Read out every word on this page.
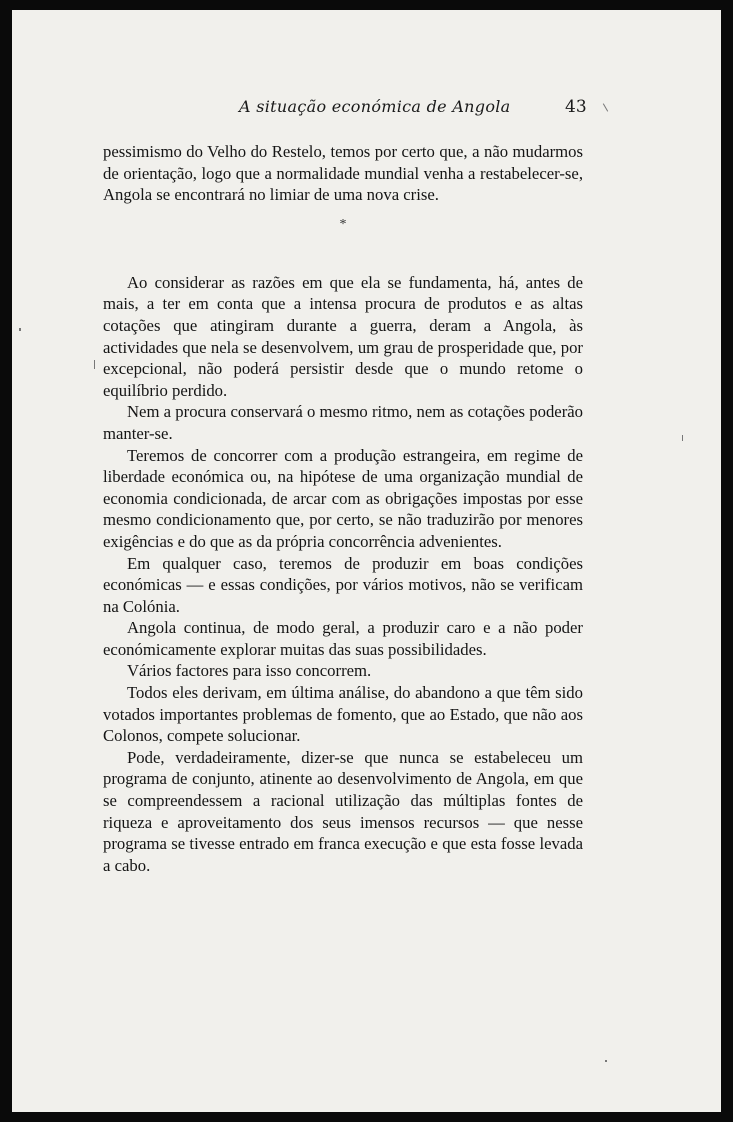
A situação económica de Angola	43

pessimismo do Velho do Restelo, temos por certo que, a não mudarmos de orientação, logo que a normalidade mundial venha a restabelecer-se, Angola se encontrará no limiar de uma nova crise.

*

Ao considerar as razões em que ela se fundamenta, há, antes de mais, a ter em conta que a intensa procura de produtos e as altas cotações que atingiram durante a guerra, deram a Angola, às actividades que nela se desenvolvem, um grau de prosperidade que, por excepcional, não poderá persistir desde que o mundo retome o equilíbrio perdido.

Nem a procura conservará o mesmo ritmo, nem as cotações poderão manter-se.

Teremos de concorrer com a produção estrangeira, em regime de liberdade económica ou, na hipótese de uma organização mundial de economia condicionada, de arcar com as obrigações impostas por esse mesmo condicionamento que, por certo, se não traduzirão por menores exigências e do que as da própria concorrência advenientes.

Em qualquer caso, teremos de produzir em boas condições económicas — e essas condições, por vários motivos, não se verificam na Colónia.

Angola continua, de modo geral, a produzir caro e a não poder económicamente explorar muitas das suas possibilidades.

Vários factores para isso concorrem.

Todos eles derivam, em última análise, do abandono a que têm sido votados importantes problemas de fomento, que ao Estado, que não aos Colonos, compete solucionar.

Pode, verdadeiramente, dizer-se que nunca se estabeleceu um programa de conjunto, atinente ao desenvolvimento de Angola, em que se compreendessem a racional utilização das múltiplas fontes de riqueza e aproveitamento dos seus imensos recursos — que nesse programa se tivesse entrado em franca execução e que esta fosse levada a cabo.
